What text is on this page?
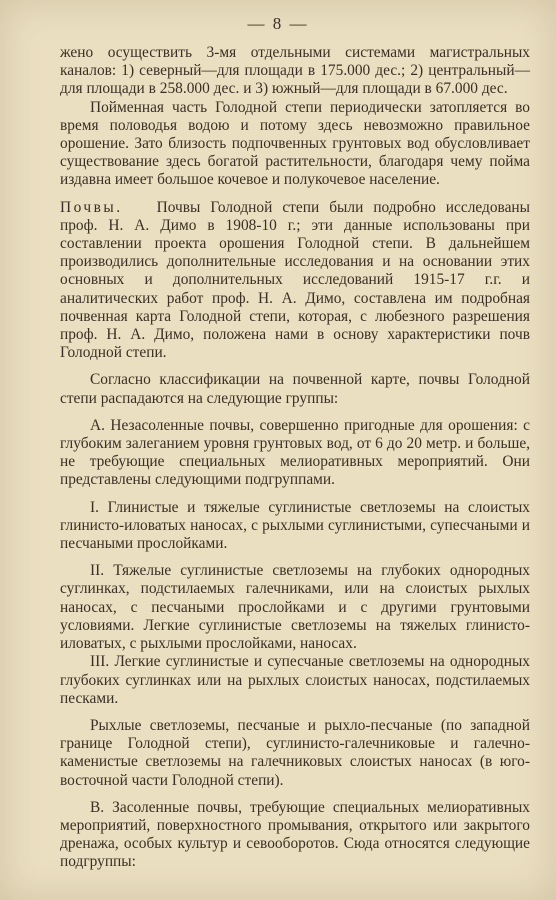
— 8 —

жено осуществить 3-мя отдельными системами магистральных каналов: 1) северный—для площади в 175.000 дес.; 2) центральный—для площади в 258.000 дес. и 3) южный—для площади в 67.000 дес.

Пойменная часть Голодной степи периодически затопляется во время половодья водою и потому здесь невозможно правильное орошение. Зато близость подпочвенных грунтовых вод обусловливает существование здесь богатой растительности, благодаря чему пойма издавна имеет большое кочевое и полукочевое население.

Почвы. Почвы Голодной степи были подробно исследованы проф. Н. А. Димо в 1908-10 г.; эти данные использованы при составлении проекта орошения Голодной степи. В дальнейшем производились дополнительные исследования и на основании этих основных и дополнительных исследований 1915-17 г.г. и аналитических работ проф. Н. А. Димо, составлена им подробная почвенная карта Голодной степи, которая, с любезного разрешения проф. Н. А. Димо, положена нами в основу характеристики почв Голодной степи.

Согласно классификации на почвенной карте, почвы Голодной степи распадаются на следующие группы:

А. Незасоленные почвы, совершенно пригодные для орошения: с глубоким залеганием уровня грунтовых вод, от 6 до 20 метр. и больше, не требующие специальных мелиоративных мероприятий. Они представлены следующими подгруппами.

I. Глинистые и тяжелые суглинистые светлоземы на слоистых глинисто-иловатых наносах, с рыхлыми суглинистыми, супесчаными и песчаными прослойками.

II. Тяжелые суглинистые светлоземы на глубоких однородных суглинках, подстилаемых галечниками, или на слоистых рыхлых наносах, с песчаными прослойками и с другими грунтовыми условиями. Легкие суглинистые светлоземы на тяжелых глинисто-иловатых, с рыхлыми прослойками, наносах.

III. Легкие суглинистые и супесчаные светлоземы на однородных глубоких суглинках или на рыхлых слоистых наносах, подстилаемых песками.

Рыхлые светлоземы, песчаные и рыхло-песчаные (по западной границе Голодной степи), суглинисто-галечниковые и галечно-каменистые светлоземы на галечниковых слоистых наносах (в юго-восточной части Голодной степи).

В. Засоленные почвы, требующие специальных мелиоративных мероприятий, поверхностного промывания, открытого или закрытого дренажа, особых культур и севооборотов. Сюда относятся следующие подгруппы:
